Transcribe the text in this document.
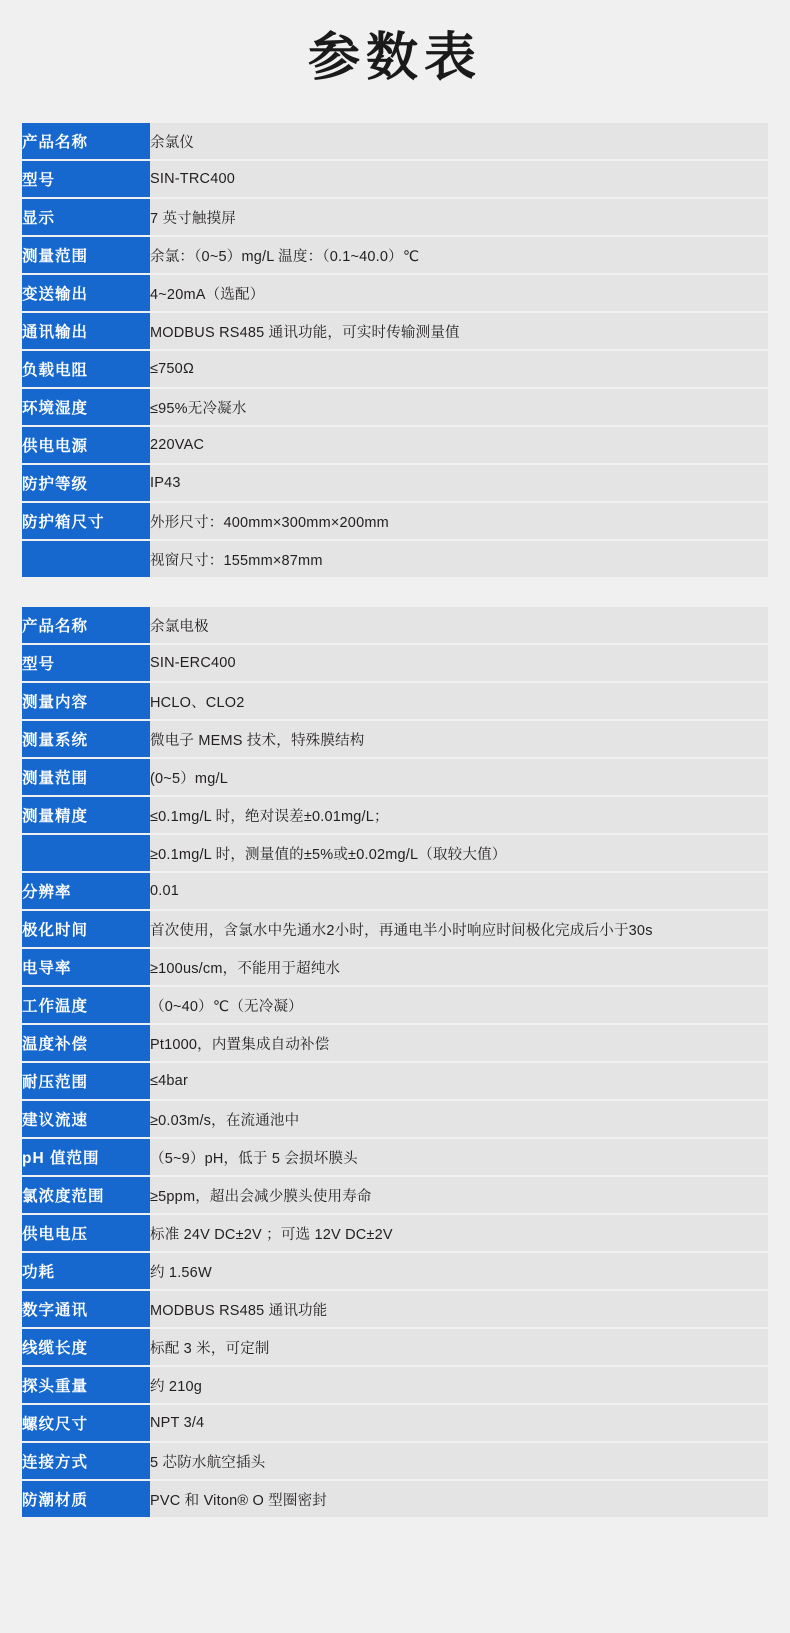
参数表
产品名称	余氯仪
型号	SIN-TRC400
显示	7 英寸触摸屏
测量范围	余氯：（0~5）mg/L 温度：（0.1~40.0）℃
变送输出	4~20mA（选配）
通讯输出	MODBUS RS485 通讯功能，可实时传输测量值
负载电阻	≤750Ω
环境湿度	≤95%无冷凝水
供电电源	220VAC
防护等级	IP43
防护箱尺寸	外形尺寸：400mm×300mm×200mm
	视窗尺寸：155mm×87mm
产品名称	余氯电极
型号	SIN-ERC400
测量内容	HCLO、CLO2
测量系统	微电子 MEMS 技术，特殊膜结构
测量范围	(0~5）mg/L
测量精度	≤0.1mg/L 时，绝对误差±0.01mg/L；
	≥0.1mg/L 时，测量值的±5%或±0.02mg/L（取较大值）
分辨率	0.01
极化时间	首次使用，含氯水中先通水2小时，再通电半小时响应时间极化完成后小于30s
电导率	≥100us/cm，不能用于超纯水
工作温度	（0~40）℃（无冷凝）
温度补偿	Pt1000，内置集成自动补偿
耐压范围	≤4bar
建议流速	≥0.03m/s，在流通池中
pH 值范围	（5~9）pH，低于 5 会损坏膜头
氯浓度范围	≥5ppm，超出会减少膜头使用寿命
供电电压	标准 24V DC±2V ；可选 12V DC±2V
功耗	约 1.56W
数字通讯	MODBUS RS485 通讯功能
线缆长度	标配 3 米，可定制
探头重量	约 210g
螺纹尺寸	NPT 3/4
连接方式	5 芯防水航空插头
防潮材质	PVC 和 Viton® O 型圈密封
